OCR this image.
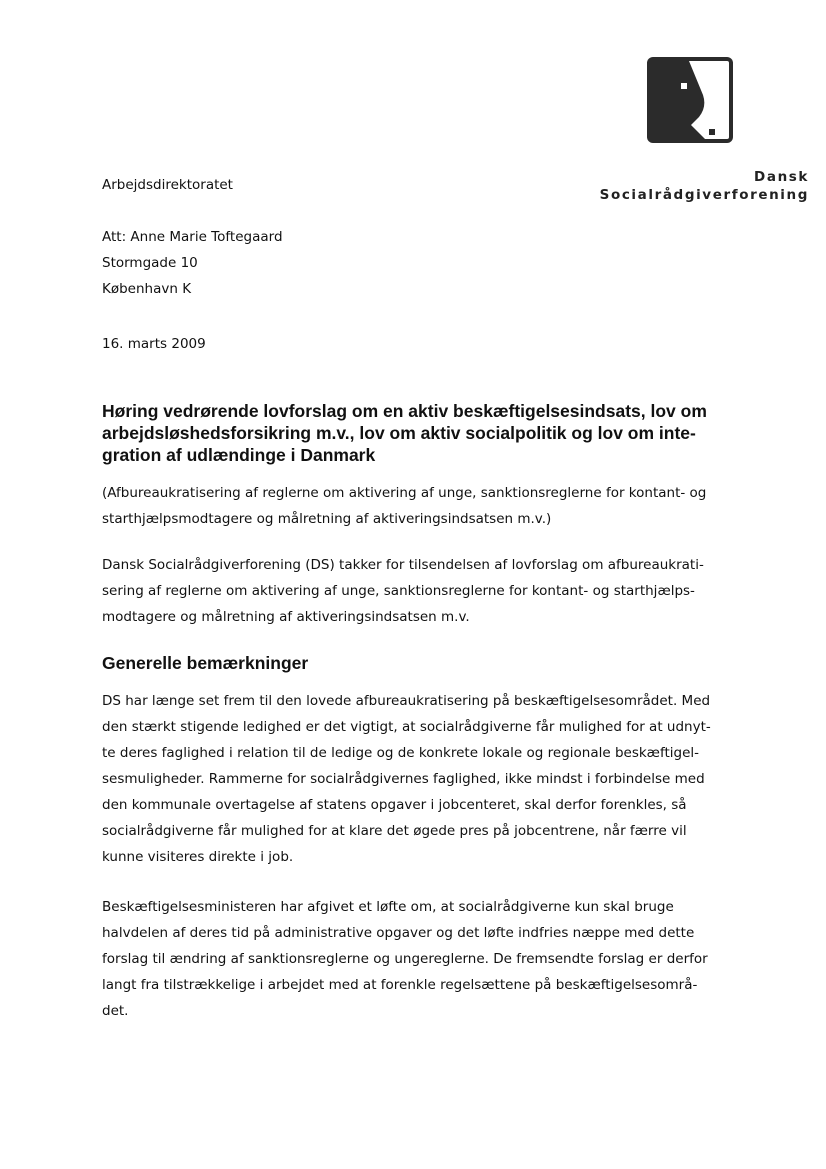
Dansk
Socialrådgiverforening
Arbejdsdirektoratet
Att: Anne Marie Toftegaard
Stormgade 10
København K
16. marts 2009
Høring vedrørende lovforslag om en aktiv beskæftigelsesindsats, lov om
arbejdsløshedsforsikring m.v., lov om aktiv socialpolitik og lov om inte-
gration af udlændinge i Danmark

(Afbureaukratisering af reglerne om aktivering af unge, sanktionsreglerne for kontant- og
starthjælpsmodtagere og målretning af aktiveringsindsatsen m.v.)

Dansk Socialrådgiverforening (DS) takker for tilsendelsen af lovforslag om afbureaukrati-
sering af reglerne om aktivering af unge, sanktionsreglerne for kontant- og starthjælps-
modtagere og målretning af aktiveringsindsatsen m.v.

Generelle bemærkninger

DS har længe set frem til den lovede afbureaukratisering på beskæftigelsesområdet. Med
den stærkt stigende ledighed er det vigtigt, at socialrådgiverne får mulighed for at udnyt-
te deres faglighed i relation til de ledige og de konkrete lokale og regionale beskæftigel-
sesmuligheder. Rammerne for socialrådgivernes faglighed, ikke mindst i forbindelse med
den kommunale overtagelse af statens opgaver i jobcenteret, skal derfor forenkles, så
socialrådgiverne får mulighed for at klare det øgede pres på jobcentrene, når færre vil
kunne visiteres direkte i job.

Beskæftigelsesministeren har afgivet et løfte om, at socialrådgiverne kun skal bruge
halvdelen af deres tid på administrative opgaver og det løfte indfries næppe med dette
forslag til ændring af sanktionsreglerne og ungereglerne. De fremsendte forslag er derfor
langt fra tilstrækkelige i arbejdet med at forenkle regelsættene på beskæftigelsesområ-
det.
